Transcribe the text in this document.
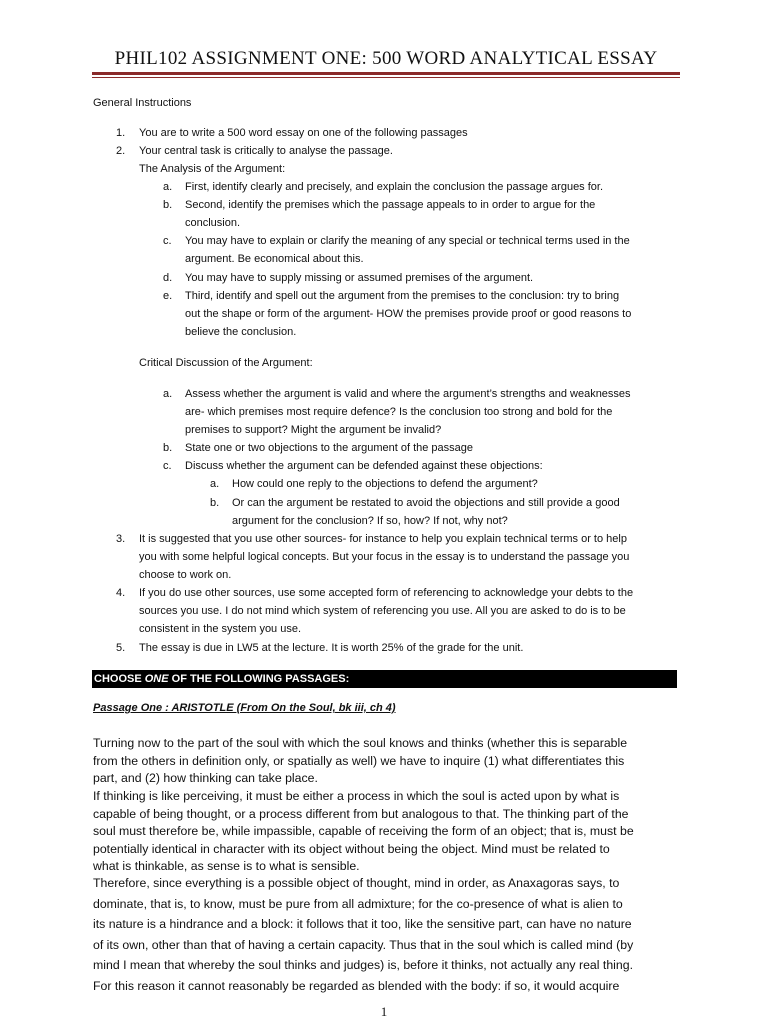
PHIL102 ASSIGNMENT ONE: 500 WORD ANALYTICAL ESSAY
General Instructions
1. You are to write a 500 word essay on one of the following passages
2. Your central task is critically to analyse the passage.
The Analysis of the Argument:
a. First, identify clearly and precisely, and explain the conclusion the passage argues for.
b. Second, identify the premises which the passage appeals to in order to argue for the
conclusion.
c. You may have to explain or clarify the meaning of any special or technical terms used in the
argument. Be economical about this.
d. You may have to supply missing or assumed premises of the argument.
e. Third, identify and spell out the argument from the premises to the conclusion: try to bring
out the shape or form of the argument- HOW the premises provide proof or good reasons to
believe the conclusion.
Critical Discussion of the Argument:
a. Assess whether the argument is valid and where the argument’s strengths and weaknesses
are- which premises most require defence? Is the conclusion too strong and bold for the
premises to support? Might the argument be invalid?
b. State one or two objections to the argument of the passage
c. Discuss whether the argument can be defended against these objections:
a. How could one reply to the objections to defend the argument?
b. Or can the argument be restated to avoid the objections and still provide a good
argument for the conclusion? If so, how? If not, why not?
3. It is suggested that you use other sources- for instance to help you explain technical terms or to help
you with some helpful logical concepts. But your focus in the essay is to understand the passage you
choose to work on.
4. If you do use other sources, use some accepted form of referencing to acknowledge your debts to the
sources you use. I do not mind which system of referencing you use. All you are asked to do is to be
consistent in the system you use.
5. The essay is due in LW5 at the lecture. It is worth 25% of the grade for the unit.
CHOOSE ONE OF THE FOLLOWING PASSAGES:
Passage One : ARISTOTLE (From On the Soul, bk iii, ch 4)
Turning now to the part of the soul with which the soul knows and thinks (whether this is separable
from the others in definition only, or spatially as well) we have to inquire (1) what differentiates this
part, and (2) how thinking can take place.
If thinking is like perceiving, it must be either a process in which the soul is acted upon by what is
capable of being thought, or a process different from but analogous to that. The thinking part of the
soul must therefore be, while impassible, capable of receiving the form of an object; that is, must be
potentially identical in character with its object without being the object. Mind must be related to
what is thinkable, as sense is to what is sensible.
Therefore, since everything is a possible object of thought, mind in order, as Anaxagoras says, to
dominate, that is, to know, must be pure from all admixture; for the co-presence of what is alien to
its nature is a hindrance and a block: it follows that it too, like the sensitive part, can have no nature
of its own, other than that of having a certain capacity. Thus that in the soul which is called mind (by
mind I mean that whereby the soul thinks and judges) is, before it thinks, not actually any real thing.
For this reason it cannot reasonably be regarded as blended with the body: if so, it would acquire
1
